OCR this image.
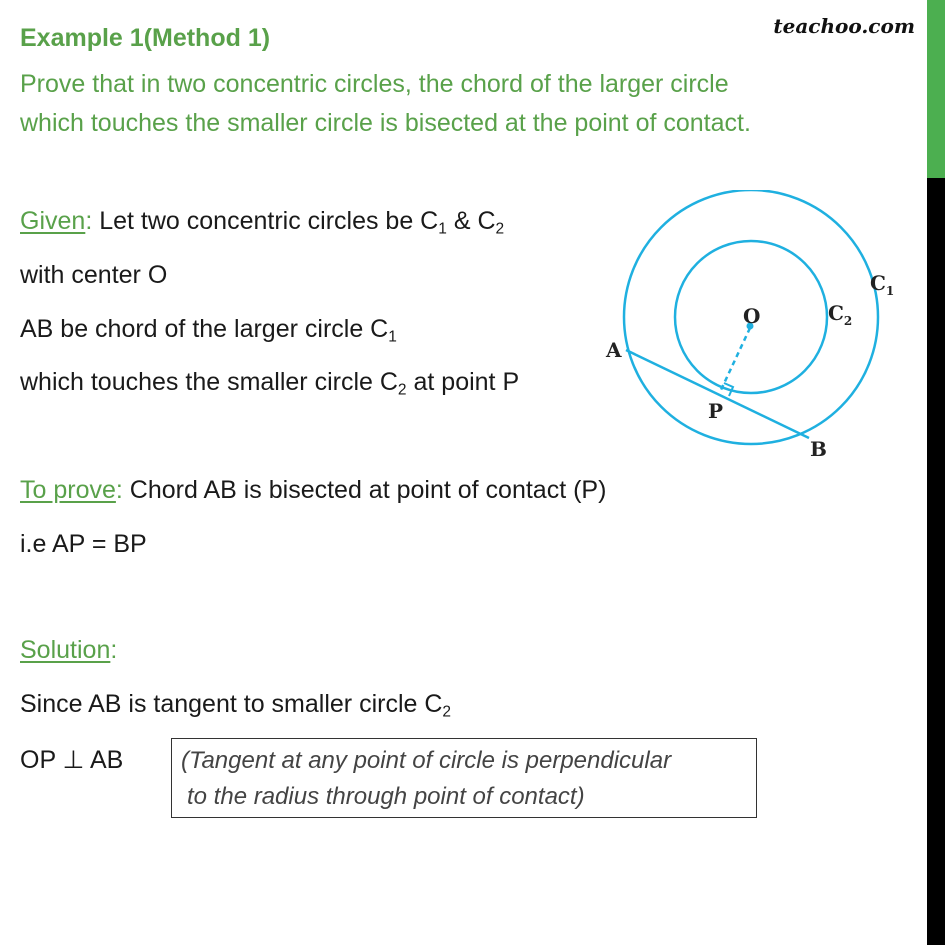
teachoo.com
Example 1(Method 1)
Prove that in two concentric circles, the chord of the larger circle
which touches the smaller circle is bisected at the point of contact.
Given: Let two concentric circles be $C_1$ & $C_2$
with center O
AB be chord of the larger circle $C_1$
which touches the smaller circle $C_2$ at point P
To prove: Chord AB is bisected at point of contact (P)
i.e AP = BP
Solution:
Since AB is tangent to smaller circle $C_2$
OP ⊥ AB (Tangent at any point of circle is perpendicular
to the radius through point of contact)
O
A
B
P
$C_1$
$C_2$
